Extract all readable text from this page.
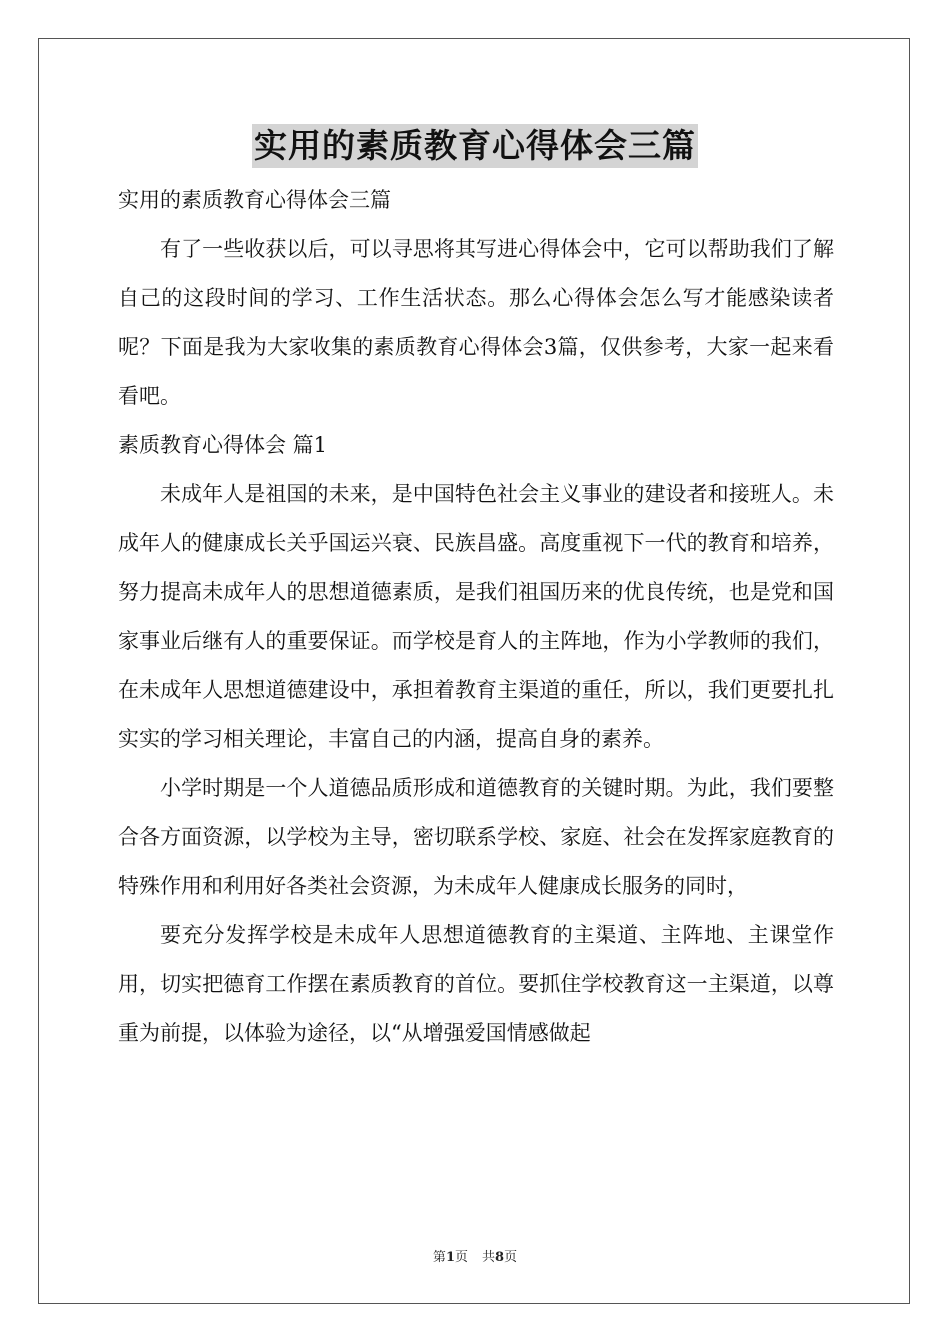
实用的素质教育心得体会三篇

实用的素质教育心得体会三篇

有了一些收获以后，可以寻思将其写进心得体会中，它可以帮助我们了解自己的这段时间的学习、工作生活状态。那么心得体会怎么写才能感染读者呢？下面是我为大家收集的素质教育心得体会3篇，仅供参考，大家一起来看看吧。

素质教育心得体会 篇1

未成年人是祖国的未来，是中国特色社会主义事业的建设者和接班人。未成年人的健康成长关乎国运兴衰、民族昌盛。高度重视下一代的教育和培养，努力提高未成年人的思想道德素质，是我们祖国历来的优良传统，也是党和国家事业后继有人的重要保证。而学校是育人的主阵地，作为小学教师的我们，在未成年人思想道德建设中，承担着教育主渠道的重任，所以，我们更要扎扎实实的学习相关理论，丰富自己的内涵，提高自身的素养。

小学时期是一个人道德品质形成和道德教育的关键时期。为此，我们要整合各方面资源，以学校为主导，密切联系学校、家庭、社会在发挥家庭教育的特殊作用和利用好各类社会资源，为未成年人健康成长服务的同时，

要充分发挥学校是未成年人思想道德教育的主渠道、主阵地、主课堂作用，切实把德育工作摆在素质教育的首位。要抓住学校教育这一主渠道，以尊重为前提，以体验为途径，以“从增强爱国情感做起

第1页 共8页
